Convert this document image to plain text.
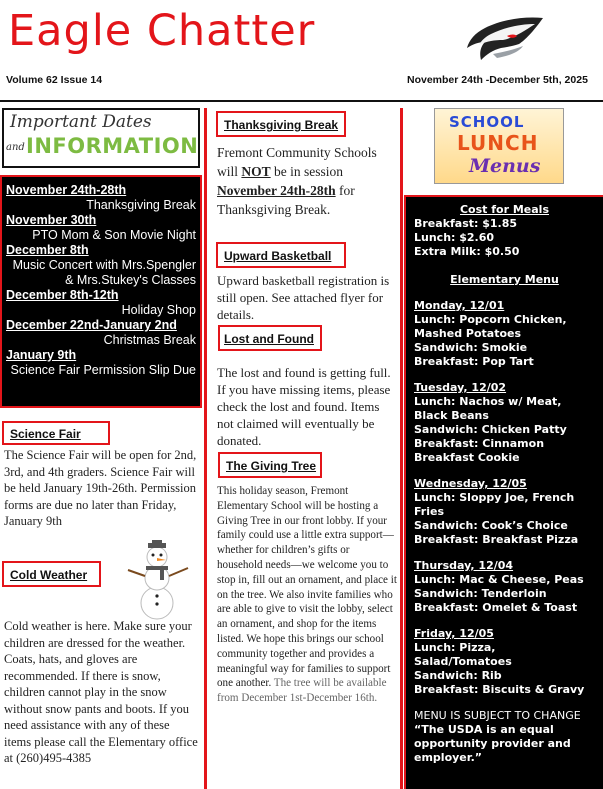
Eagle Chatter
Volume 62 Issue 14	November 24th -December 5th, 2025
Important Dates
and INFORMATION
November 24th-28th
Thanksgiving Break
November 30th
PTO Mom & Son Movie Night
December 8th
Music Concert with Mrs.Spengler & Mrs.Stukey's Classes
December 8th-12th
Holiday Shop
December 22nd-January 2nd
Christmas Break
January 9th
Science Fair Permission Slip Due
Science Fair
The Science Fair will be open for 2nd, 3rd, and 4th graders. Science Fair will be held January 19th-26th. Permission forms are due no later than Friday, January 9th
Cold Weather
Cold weather is here. Make sure your children are dressed for the weather. Coats, hats, and gloves are recommended. If there is snow, children cannot play in the snow without snow pants and boots. If you need assistance with any of these items please call the Elementary office at (260)495-4385
Thanksgiving Break
Fremont Community Schools will NOT be in session November 24th-28th for Thanksgiving Break.
Upward Basketball
Upward basketball registration is still open. See attached flyer for details.
Lost and Found
The lost and found is getting full. If you have missing items, please check the lost and found. Items not claimed will eventually be donated.
The Giving Tree
This holiday season, Fremont Elementary School will be hosting a Giving Tree in our front lobby. If your family could use a little extra support—whether for children’s gifts or household needs—we welcome you to stop in, fill out an ornament, and place it on the tree. We also invite families who are able to give to visit the lobby, select an ornament, and shop for the items listed. We hope this brings our school community together and provides a meaningful way for families to support one another. The tree will be available from December 1st-December 16th.
SCHOOL
LUNCH
Menus
Cost for Meals
Breakfast: $1.85
Lunch: $2.60
Extra Milk: $0.50
Elementary Menu
Monday, 12/01
Lunch: Popcorn Chicken, Mashed Potatoes
Sandwich: Smokie
Breakfast: Pop Tart
Tuesday, 12/02
Lunch: Nachos w/ Meat, Black Beans
Sandwich: Chicken Patty
Breakfast: Cinnamon Breakfast Cookie
Wednesday, 12/05
Lunch: Sloppy Joe, French Fries
Sandwich: Cook’s Choice
Breakfast: Breakfast Pizza
Thursday, 12/04
Lunch: Mac & Cheese, Peas
Sandwich: Tenderloin
Breakfast: Omelet & Toast
Friday, 12/05
Lunch: Pizza, Salad/Tomatoes
Sandwich: Rib
Breakfast: Biscuits & Gravy
MENU IS SUBJECT TO CHANGE
“The USDA is an equal opportunity provider and employer.”
